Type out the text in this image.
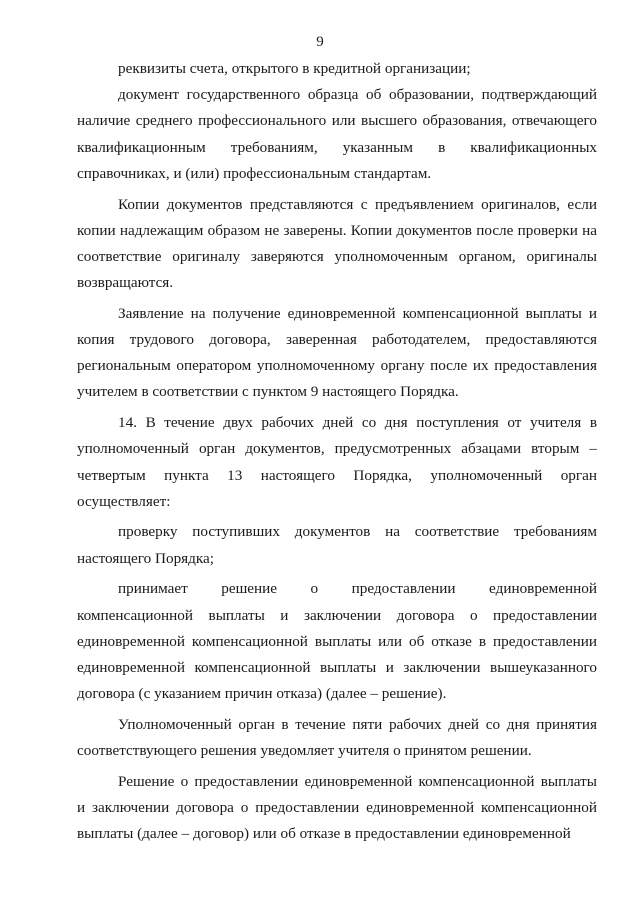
9

реквизиты счета, открытого в кредитной организации;

документ государственного образца об образовании, подтверждающий наличие среднего профессионального или высшего образования, отвечающего квалификационным требованиям, указанным в квалификационных справочниках, и (или) профессиональным стандартам.

Копии документов представляются с предъявлением оригиналов, если копии надлежащим образом не заверены. Копии документов после проверки на соответствие оригиналу заверяются уполномоченным органом, оригиналы возвращаются.

Заявление на получение единовременной компенсационной выплаты и копия трудового договора, заверенная работодателем, предоставляются региональным оператором уполномоченному органу после их предоставления учителем в соответствии с пунктом 9 настоящего Порядка.

14. В течение двух рабочих дней со дня поступления от учителя в уполномоченный орган документов, предусмотренных абзацами вторым – четвертым пункта 13 настоящего Порядка, уполномоченный орган осуществляет:

проверку поступивших документов на соответствие требованиям настоящего Порядка;

принимает решение о предоставлении единовременной компенсационной выплаты и заключении договора о предоставлении единовременной компенсационной выплаты или об отказе в предоставлении единовременной компенсационной выплаты и заключении вышеуказанного договора (с указанием причин отказа) (далее – решение).

Уполномоченный орган в течение пяти рабочих дней со дня принятия соответствующего решения уведомляет учителя о принятом решении.

Решение о предоставлении единовременной компенсационной выплаты и заключении договора о предоставлении единовременной компенсационной выплаты (далее – договор) или об отказе в предоставлении единовременной
